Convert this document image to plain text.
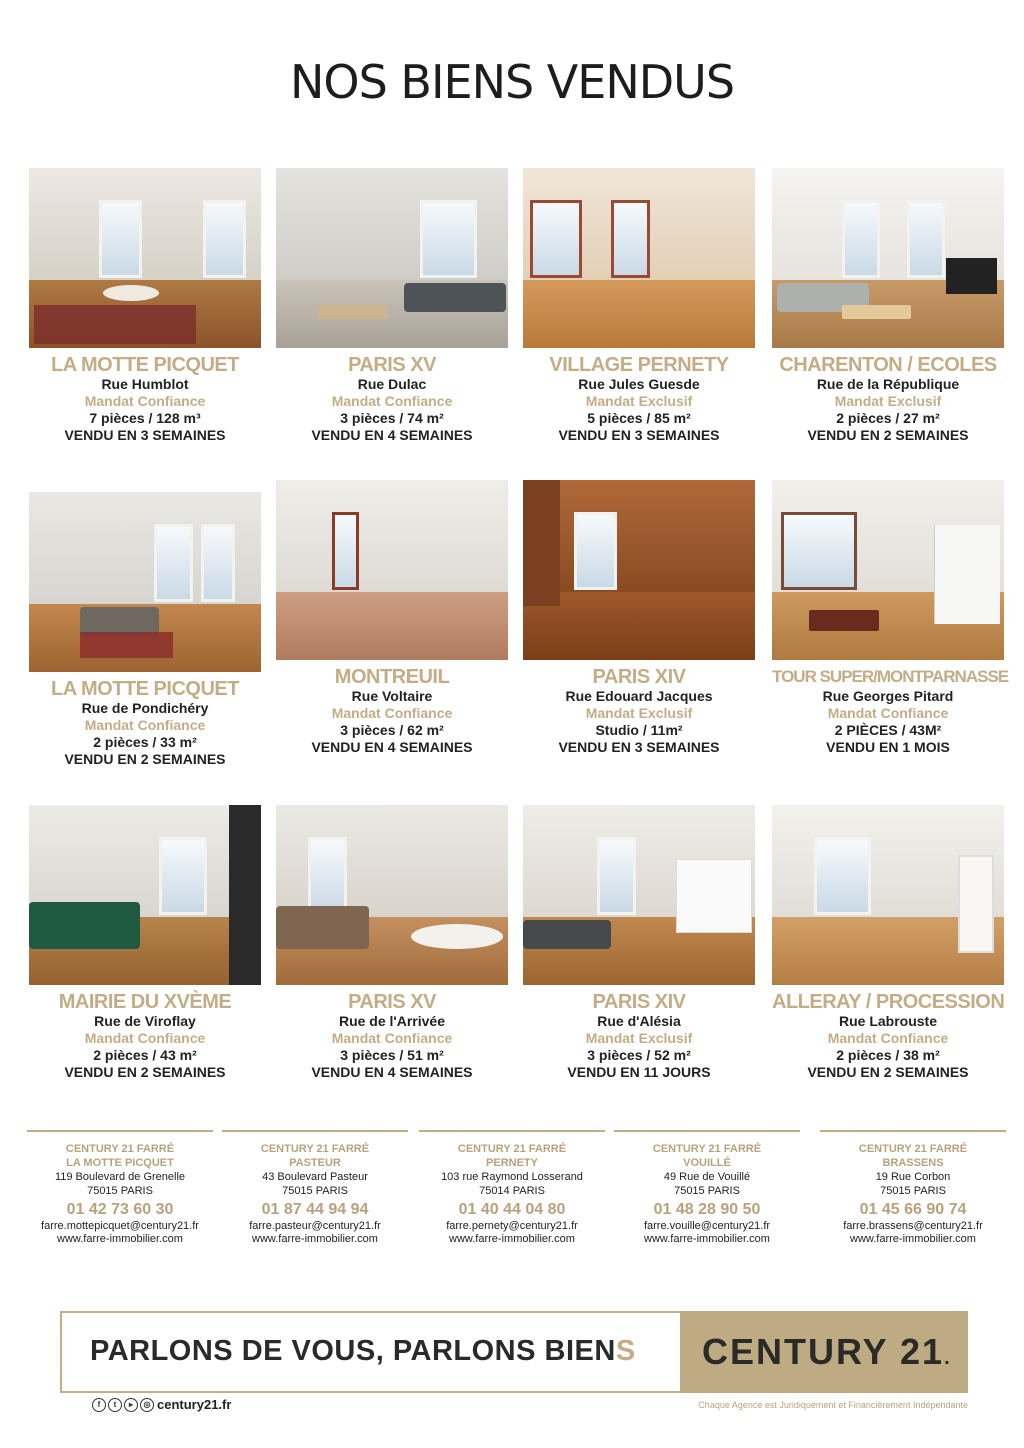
NOS BIENS VENDUS
LA MOTTE PICQUET
Rue Humblot
Mandat Confiance
7 pièces / 128 m³
VENDU EN 3 SEMAINES
PARIS XV
Rue Dulac
Mandat Confiance
3 pièces / 74 m²
VENDU EN 4 SEMAINES
VILLAGE PERNETY
Rue Jules Guesde
Mandat Exclusif
5 pièces / 85 m²
VENDU EN 3 SEMAINES
CHARENTON / ECOLES
Rue de la République
Mandat Exclusif
2 pièces / 27 m²
VENDU EN 2 SEMAINES
LA MOTTE PICQUET
Rue de Pondichéry
Mandat Confiance
2 pièces / 33 m²
VENDU EN 2 SEMAINES
MONTREUIL
Rue Voltaire
Mandat Confiance
3 pièces / 62 m²
VENDU EN 4 SEMAINES
PARIS XIV
Rue Edouard Jacques
Mandat Exclusif
Studio / 11m²
VENDU EN 3 SEMAINES
TOUR SUPER/MONTPARNASSE
Rue Georges Pitard
Mandat Confiance
2 PIÈCES / 43M²
VENDU EN 1 MOIS
MAIRIE DU XVÈME
Rue de Viroflay
Mandat Confiance
2 pièces / 43 m²
VENDU EN 2 SEMAINES
PARIS XV
Rue de l'Arrivée
Mandat Confiance
3 pièces / 51 m²
VENDU EN 4 SEMAINES
PARIS XIV
Rue d'Alésia
Mandat Exclusif
3 pièces / 52 m²
VENDU EN 11 JOURS
ALLERAY / PROCESSION
Rue Labrouste
Mandat Confiance
2 pièces / 38 m²
VENDU EN 2 SEMAINES
CENTURY 21 FARRÉ
LA MOTTE PICQUET
119 Boulevard de Grenelle
75015 PARIS
01 42 73 60 30
farre.mottepicquet@century21.fr
www.farre-immobilier.com
CENTURY 21 FARRÉ
PASTEUR
43 Boulevard Pasteur
75015 PARIS
01 87 44 94 94
farre.pasteur@century21.fr
www.farre-immobilier.com
CENTURY 21 FARRÉ
PERNETY
103 rue Raymond Losserand
75014 PARIS
01 40 44 04 80
farre.pernety@century21.fr
www.farre-immobilier.com
CENTURY 21 FARRÉ
VOUILLÉ
49 Rue de Vouillé
75015 PARIS
01 48 28 90 50
farre.vouille@century21.fr
www.farre-immobilier.com
CENTURY 21 FARRÉ
BRASSENS
19 Rue Corbon
75015 PARIS
01 45 66 90 74
farre.brassens@century21.fr
www.farre-immobilier.com
PARLONS DE VOUS, PARLONS BIENS CENTURY 21.
f	t	▸	◎ century21.fr	Chaque Agence est Juridiquement et Financièrement Indépendante
